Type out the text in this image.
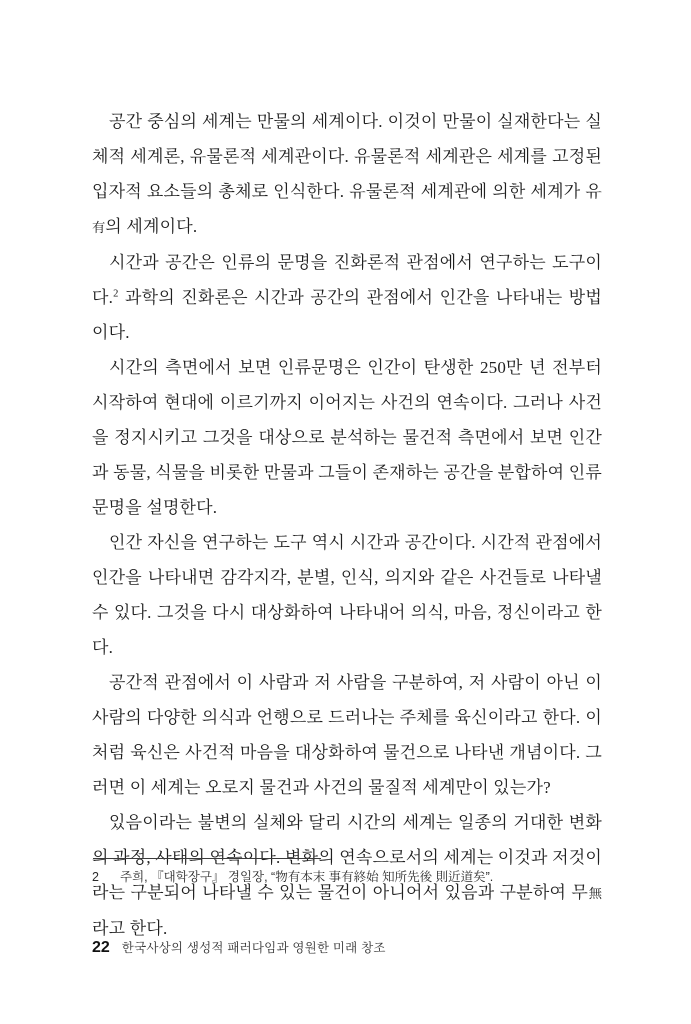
공간 중심의 세계는 만물의 세계이다. 이것이 만물이 실재한다는 실체적 세계론, 유물론적 세계관이다. 유물론적 세계관은 세계를 고정된 입자적 요소들의 총체로 인식한다. 유물론적 세계관에 의한 세계가 유有의 세계이다.

시간과 공간은 인류의 문명을 진화론적 관점에서 연구하는 도구이다.$^2$ 과학의 진화론은 시간과 공간의 관점에서 인간을 나타내는 방법이다.

시간의 측면에서 보면 인류문명은 인간이 탄생한 250만 년 전부터 시작하여 현대에 이르기까지 이어지는 사건의 연속이다. 그러나 사건을 정지시키고 그것을 대상으로 분석하는 물건적 측면에서 보면 인간과 동물, 식물을 비롯한 만물과 그들이 존재하는 공간을 분합하여 인류문명을 설명한다.

인간 자신을 연구하는 도구 역시 시간과 공간이다. 시간적 관점에서 인간을 나타내면 감각지각, 분별, 인식, 의지와 같은 사건들로 나타낼 수 있다. 그것을 다시 대상화하여 나타내어 의식, 마음, 정신이라고 한다.

공간적 관점에서 이 사람과 저 사람을 구분하여, 저 사람이 아닌 이 사람의 다양한 의식과 언행으로 드러나는 주체를 육신이라고 한다. 이처럼 육신은 사건적 마음을 대상화하여 물건으로 나타낸 개념이다. 그러면 이 세계는 오로지 물건과 사건의 물질적 세계만이 있는가?

있음이라는 불변의 실체와 달리 시간의 세계는 일종의 거대한 변화의 과정, 사태의 연속이다. 변화의 연속으로서의 세계는 이것과 저것이라는 구분되어 나타낼 수 있는 물건이 아니어서 있음과 구분하여 무無라고 한다.

2	주희, 『대학장구』 경일장, “物有本末 事有終始 知所先後 則近道矣”.
22 한국사상의 생성적 패러다임과 영원한 미래 창조
